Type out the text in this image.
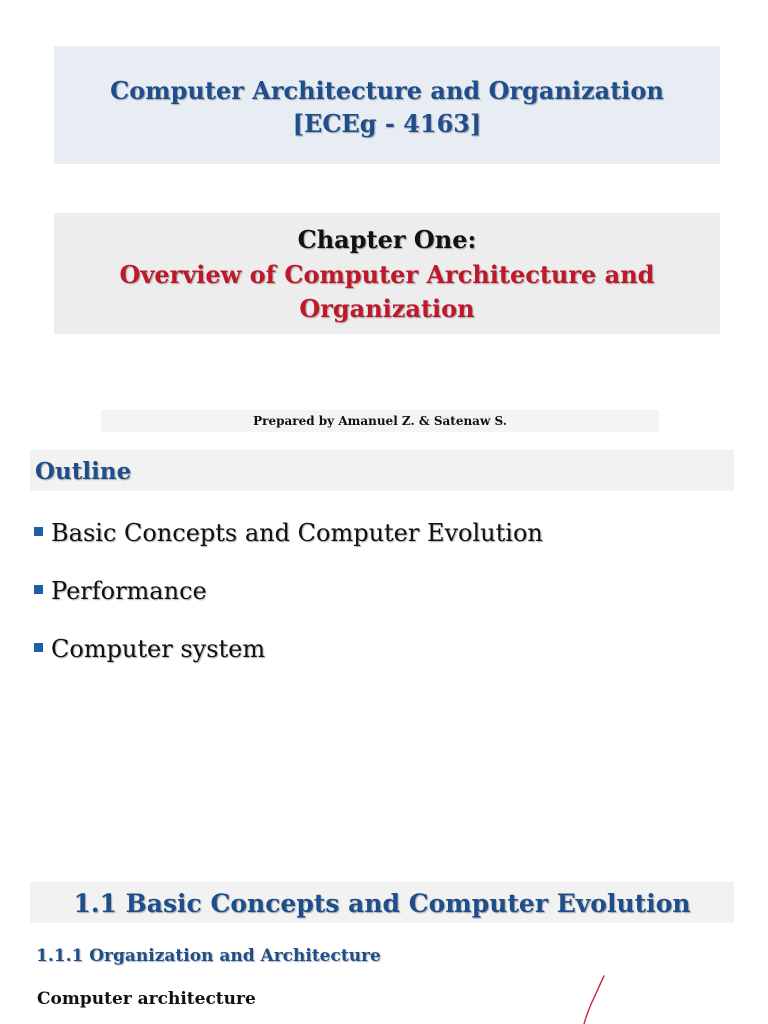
Computer Architecture and Organization
[ECEg - 4163]
Chapter One:
Overview of Computer Architecture and
Organization
Prepared by Amanuel Z. & Satenaw S.
Outline
Basic Concepts and Computer Evolution
Performance
Computer system
1.1 Basic Concepts and Computer Evolution
1.1.1 Organization and Architecture
Computer architecture
